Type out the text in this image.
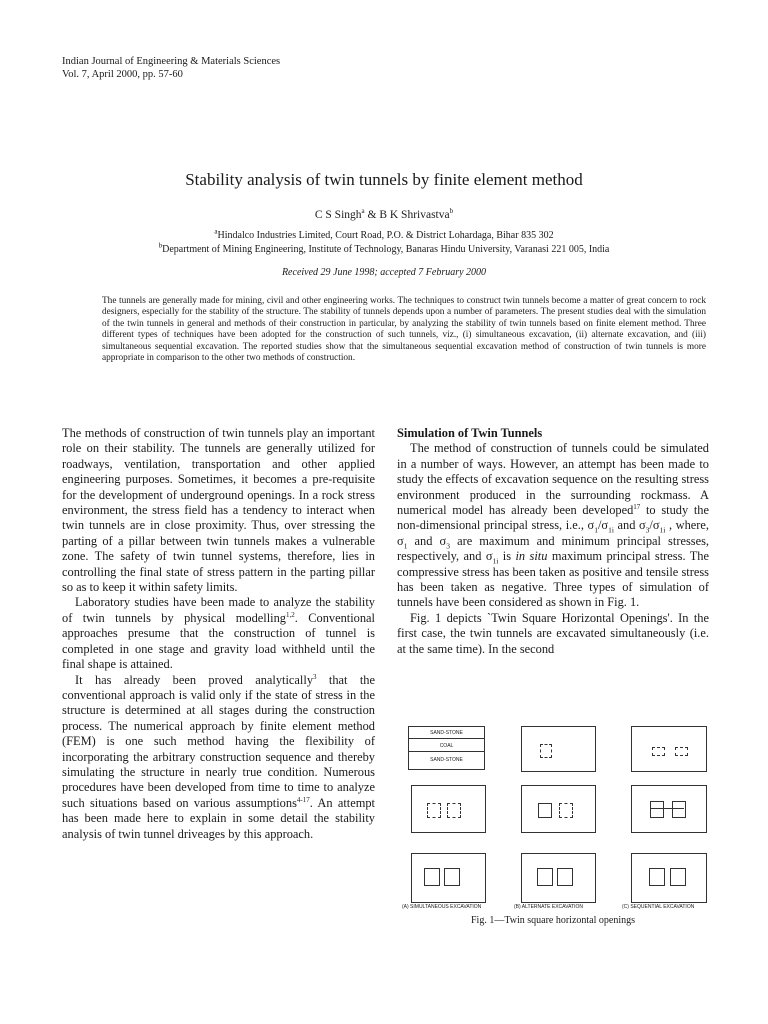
Indian Journal of Engineering & Materials Sciences
Vol. 7, April 2000, pp. 57-60
Stability analysis of twin tunnels by finite element method
C S Singh$^a$ & B K Shrivastva$^b$
$^a$Hindalco Industries Limited, Court Road, P.O. & District Lohardaga, Bihar 835 302
$^b$Department of Mining Engineering, Institute of Technology, Banaras Hindu University, Varanasi 221 005, India
Received 29 June 1998; accepted 7 February 2000
The tunnels are generally made for mining, civil and other engineering works. The techniques to construct twin tunnels become a matter of great concern to rock designers, especially for the stability of the structure. The stability of tunnels depends upon a number of parameters. The present studies deal with the simulation of the twin tunnels in general and methods of their construction in particular, by analyzing the stability of twin tunnels based on finite element method. Three different types of techniques have been adopted for the construction of such tunnels, viz., (i) simultaneous excavation, (ii) alternate excavation, and (iii) simultaneous sequential excavation. The reported studies show that the simultaneous sequential excavation method of construction of twin tunnels is more appropriate in comparison to the other two methods of construction.

The methods of construction of twin tunnels play an important role on their stability. The tunnels are generally utilized for roadways, ventilation, transportation and other applied engineering purposes. Sometimes, it becomes a pre-requisite for the development of underground openings. In a rock stress environment, the stress field has a tendency to interact when twin tunnels are in close proximity. Thus, over stressing the parting of a pillar between twin tunnels makes a vulnerable zone. The safety of twin tunnel systems, therefore, lies in controlling the final state of stress pattern in the parting pillar so as to keep it within safety limits.

Laboratory studies have been made to analyze the stability of twin tunnels by physical modelling$^{1,2}$. Conventional approaches presume that the construction of tunnel is completed in one stage and gravity load withheld until the final shape is attained.

It has already been proved analytically$^3$ that the conventional approach is valid only if the state of stress in the structure is determined at all stages during the construction process. The numerical approach by finite element method (FEM) is one such method having the flexibility of incorporating the arbitrary construction sequence and thereby simulating the structure in nearly true condition. Numerous procedures have been developed from time to time to analyze such situations based on various assumptions$^{4-17}$. An attempt has been made here to explain in some detail the stability analysis of twin tunnel driveages by this approach.

Simulation of Twin Tunnels

The method of construction of tunnels could be simulated in a number of ways. However, an attempt has been made to study the effects of excavation sequence on the resulting stress environment produced in the surrounding rockmass. A numerical model has already been developed$^{17}$ to study the non-dimensional principal stress, i.e., $\sigma_1/\sigma_{1i}$ and $\sigma_3/\sigma_{1i}$ , where, $\sigma_1$ and $\sigma_3$ are maximum and minimum principal stresses, respectively, and $\sigma_{1i}$ is in situ maximum principal stress. The compressive stress has been taken as positive and tensile stress has been taken as negative. Three types of simulation of tunnels have been considered as shown in Fig. 1.

Fig. 1 depicts `Twin Square Horizontal Openings'. In the first case, the twin tunnels are excavated simultaneously (i.e. at the same time). In the second

SAND-STONE
COAL
SAND-STONE
(A) SIMULTANEOUS EXCAVATION	(B) ALTERNATE EXCAVATION	(C) SEQUENTIAL EXCAVATION
Fig. 1—Twin square horizontal openings
